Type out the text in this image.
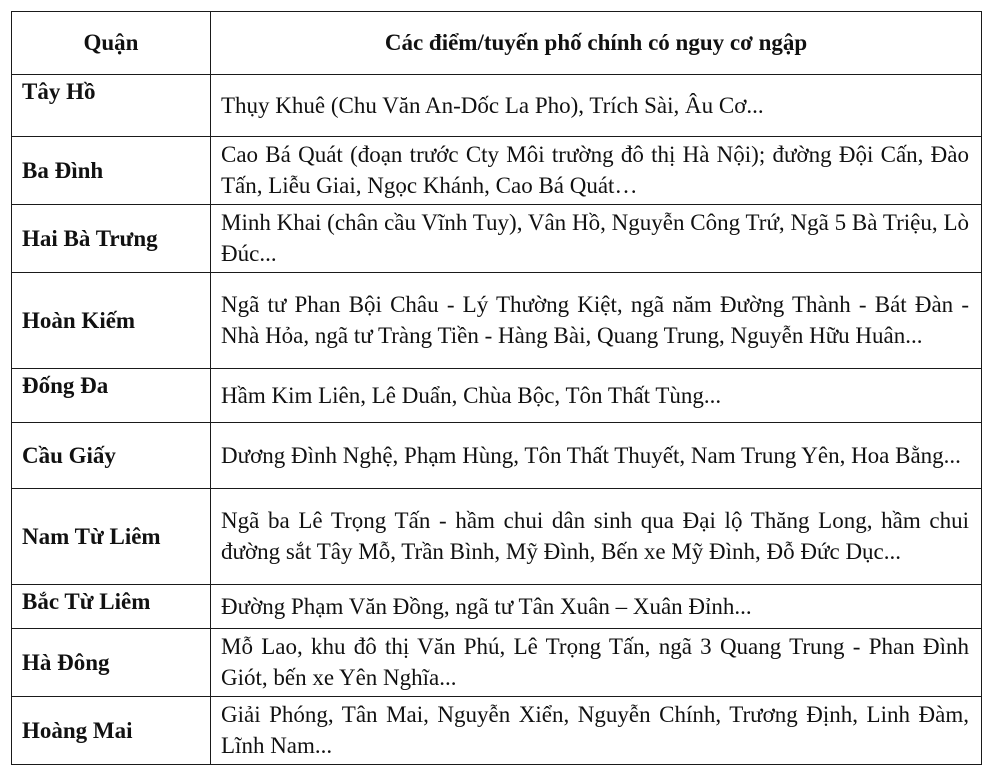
Quận	Các điểm/tuyến phố chính có nguy cơ ngập
Tây Hồ	Thụy Khuê (Chu Văn An-Dốc La Pho), Trích Sài, Âu Cơ...
Ba Đình	Cao Bá Quát (đoạn trước Cty Môi trường đô thị Hà Nội); đường Đội Cấn, Đào Tấn, Liễu Giai, Ngọc Khánh, Cao Bá Quát…
Hai Bà Trưng	Minh Khai (chân cầu Vĩnh Tuy), Vân Hồ, Nguyễn Công Trứ, Ngã 5 Bà Triệu, Lò Đúc...
Hoàn Kiếm	Ngã tư Phan Bội Châu - Lý Thường Kiệt, ngã năm Đường Thành - Bát Đàn - Nhà Hỏa, ngã tư Tràng Tiền - Hàng Bài, Quang Trung, Nguyễn Hữu Huân...
Đống Đa	Hầm Kim Liên, Lê Duẩn, Chùa Bộc, Tôn Thất Tùng...
Cầu Giấy	Dương Đình Nghệ, Phạm Hùng, Tôn Thất Thuyết, Nam Trung Yên, Hoa Bằng...
Nam Từ Liêm	Ngã ba Lê Trọng Tấn - hầm chui dân sinh qua Đại lộ Thăng Long, hầm chui đường sắt Tây Mỗ, Trần Bình, Mỹ Đình, Bến xe Mỹ Đình, Đỗ Đức Dục...
Bắc Từ Liêm	Đường Phạm Văn Đồng, ngã tư Tân Xuân – Xuân Đỉnh...
Hà Đông	Mỗ Lao, khu đô thị Văn Phú, Lê Trọng Tấn, ngã 3 Quang Trung - Phan Đình Giót, bến xe Yên Nghĩa...
Hoàng Mai	Giải Phóng, Tân Mai, Nguyễn Xiển, Nguyễn Chính, Trương Định, Linh Đàm, Lĩnh Nam...
